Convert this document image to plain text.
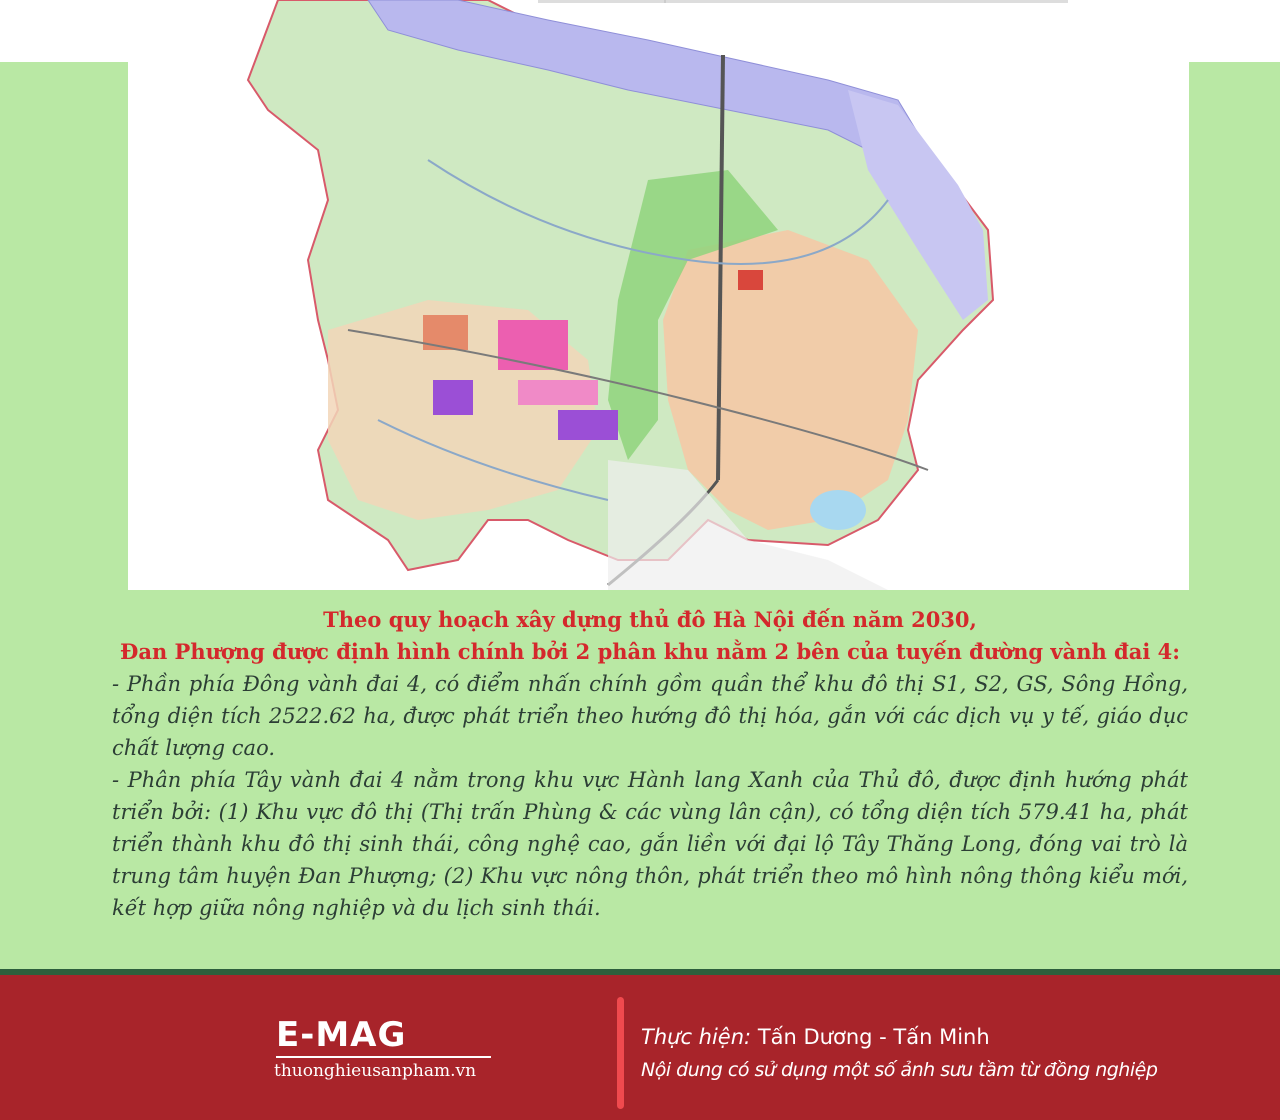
Theo quy hoạch xây dựng thủ đô Hà Nội đến năm 2030,
Đan Phượng được định hình chính bởi 2 phân khu nằm 2 bên của tuyến đường vành đai 4:

- Phần phía Đông vành đai 4, có điểm nhấn chính gồm quần thể khu đô thị S1, S2, GS, Sông Hồng, tổng diện tích 2522.62 ha, được phát triển theo hướng đô thị hóa, gắn với các dịch vụ y tế, giáo dục chất lượng cao.

- Phân phía Tây vành đai 4 nằm trong khu vực Hành lang Xanh của Thủ đô, được định hướng phát triển bởi: (1) Khu vực đô thị (Thị trấn Phùng & các vùng lân cận), có tổng diện tích 579.41 ha, phát triển thành khu đô thị sinh thái, công nghệ cao, gắn liền với đại lộ Tây Thăng Long, đóng vai trò là trung tâm huyện Đan Phượng; (2) Khu vực nông thôn, phát triển theo mô hình nông thông kiểu mới, kết hợp giữa nông nghiệp và du lịch sinh thái.

E-MAG
thuonghieusanpham.vn
Thực hiện: Tấn Dương - Tấn Minh
Nội dung có sử dụng một số ảnh sưu tầm từ đồng nghiệp
